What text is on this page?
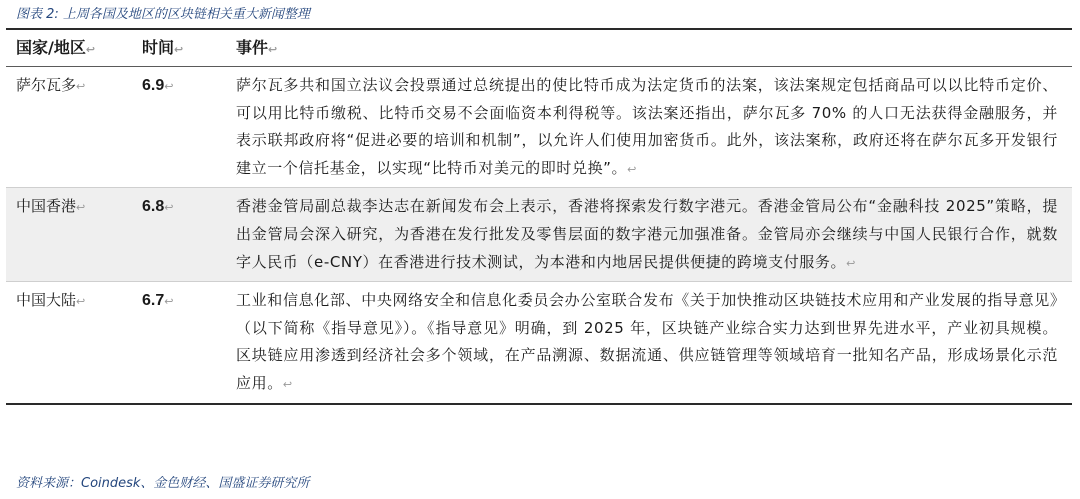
图表 2: 上周各国及地区的区块链相关重大新闻整理
国家/地区↩	时间↩	事件↩
萨尔瓦多↩	6.9↩	萨尔瓦多共和国立法议会投票通过总统提出的使比特币成为法定货币的法案，该法案规定包括商品可以以比特币定价、可以用比特币缴税、比特币交易不会面临资本利得税等。该法案还指出，萨尔瓦多 70% 的人口无法获得金融服务，并表示联邦政府将“促进必要的培训和机制”，以允许人们使用加密货币。此外，该法案称，政府还将在萨尔瓦多开发银行建立一个信托基金，以实现“比特币对美元的即时兑换”。↩
中国香港↩	6.8↩	香港金管局副总裁李达志在新闻发布会上表示，香港将探索发行数字港元。香港金管局公布“金融科技 2025”策略，提出金管局会深入研究，为香港在发行批发及零售层面的数字港元加强准备。金管局亦会继续与中国人民银行合作，就数字人民币（e-CNY）在香港进行技术测试，为本港和内地居民提供便捷的跨境支付服务。↩
中国大陆↩	6.7↩	工业和信息化部、中央网络安全和信息化委员会办公室联合发布《关于加快推动区块链技术应用和产业发展的指导意见》（以下简称《指导意见》）。《指导意见》明确，到 2025 年，区块链产业综合实力达到世界先进水平，产业初具规模。区块链应用渗透到经济社会多个领域，在产品溯源、数据流通、供应链管理等领域培育一批知名产品，形成场景化示范应用。↩
资料来源：Coindesk、金色财经、国盛证券研究所
